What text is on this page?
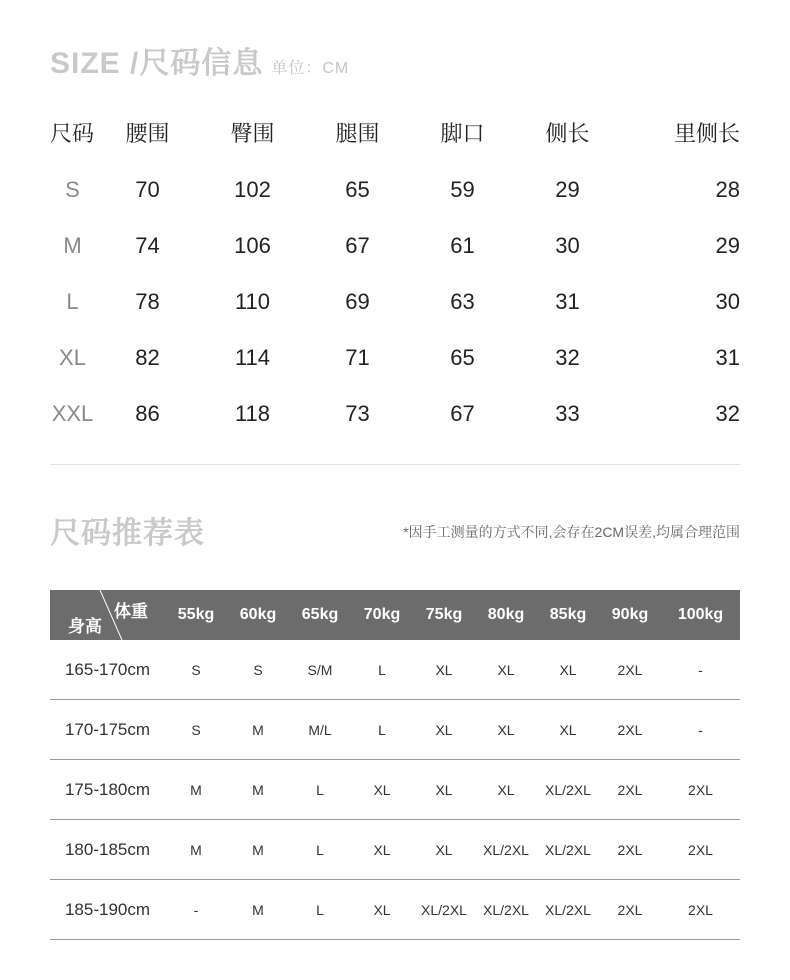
SIZE /尺码信息 单位：CM
尺码	腰围	臀围	腿围	脚口	侧长	里侧长
S	70	102	65	59	29	28
M	74	106	67	61	30	29
L	78	110	69	63	31	30
XL	82	114	71	65	32	31
XXL	86	118	73	67	33	32
尺码推荐表	*因手工测量的方式不同,会存在2CM误差,均属合理范围
体重
身高
55kg	60kg	65kg	70kg	75kg	80kg	85kg	90kg	100kg
165-170cm	S	S	S/M	L	XL	XL	XL	2XL	-
170-175cm	S	M	M/L	L	XL	XL	XL	2XL	-
175-180cm	M	M	L	XL	XL	XL	XL/2XL	2XL	2XL
180-185cm	M	M	L	XL	XL	XL/2XL	XL/2XL	2XL	2XL
185-190cm	-	M	L	XL	XL/2XL	XL/2XL	XL/2XL	2XL	2XL
